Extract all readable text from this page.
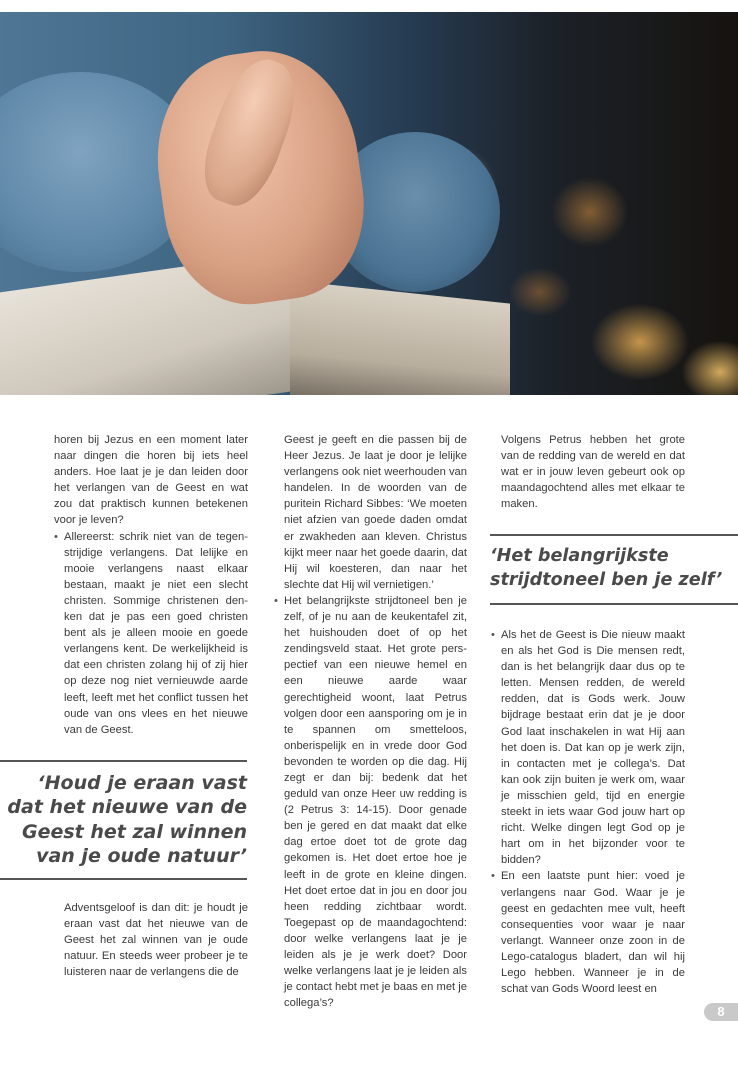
horen bij Jezus en een moment later naar dingen die horen bij iets heel anders. Hoe laat je je dan leiden door het verlangen van de Geest en wat zou dat praktisch kunnen betekenen voor je leven?

• Allereerst: schrik niet van de tegenstrijdige verlangens. Dat lelijke en mooie verlangens naast elkaar bestaan, maakt je niet een slecht christen. Sommige christenen denken dat je pas een goed christen bent als je alleen mooie en goede verlangens kent. De werkelijkheid is dat een christen zolang hij of zij hier op deze nog niet vernieuwde aarde leeft, leeft met het conflict tussen het oude van ons vlees en het nieuwe van de Geest.
‘Houd je eraan vast
dat het nieuwe van de
Geest het zal winnen
van je oude natuur’

Adventsgeloof is dan dit: je houdt je eraan vast dat het nieuwe van de Geest het zal winnen van je oude natuur. En steeds weer probeer je te luisteren naar de verlangens die de

Geest je geeft en die passen bij de Heer Jezus. Je laat je door je lelijke verlangens ook niet weerhouden van handelen. In de woorden van de puritein Richard Sibbes: ‘We moeten niet afzien van goede daden omdat er zwakheden aan kleven. Christus kijkt meer naar het goede daarin, dat Hij wil koesteren, dan naar het slechte dat Hij wil vernietigen.’

• Het belangrijkste strijdtoneel ben je zelf, of je nu aan de keukentafel zit, het huishouden doet of op het zendingsveld staat. Het grote perspectief van een nieuwe hemel en een nieuwe aarde waar gerechtigheid woont, laat Petrus volgen door een aansporing om je in te spannen om smetteloos, onberispelijk en in vrede door God bevonden te worden op die dag. Hij zegt er dan bij: bedenk dat het geduld van onze Heer uw redding is (2 Petrus 3: 14-15). Door genade ben je gered en dat maakt dat elke dag ertoe doet tot de grote dag gekomen is. Het doet ertoe hoe je leeft in de grote en kleine dingen. Het doet ertoe dat in jou en door jou heen redding zichtbaar wordt. Toegepast op de maandagochtend: door welke verlangens laat je je leiden als je je werk doet? Door welke verlangens laat je je leiden als je contact hebt met je baas en met je collega’s?

Volgens Petrus hebben het grote van de redding van de wereld en dat wat er in jouw leven gebeurt ook op maandagochtend alles met elkaar te maken.

‘Het belangrijkste
strijdtoneel ben je zelf’
• Als het de Geest is Die nieuw maakt en als het God is Die mensen redt, dan is het belangrijk daar dus op te letten. Mensen redden, de wereld redden, dat is Gods werk. Jouw bijdrage bestaat erin dat je je door God laat inschakelen in wat Hij aan het doen is. Dat kan op je werk zijn, in contacten met je collega’s. Dat kan ook zijn buiten je werk om, waar je misschien geld, tijd en energie steekt in iets waar God jouw hart op richt. Welke dingen legt God op je hart om in het bijzonder voor te bidden?
• En een laatste punt hier: voed je verlangens naar God. Waar je je geest en gedachten mee vult, heeft consequenties voor waar je naar verlangt. Wanneer onze zoon in de Lego-catalogus bladert, dan wil hij Lego hebben. Wanneer je in de schat van Gods Woord leest en
8
